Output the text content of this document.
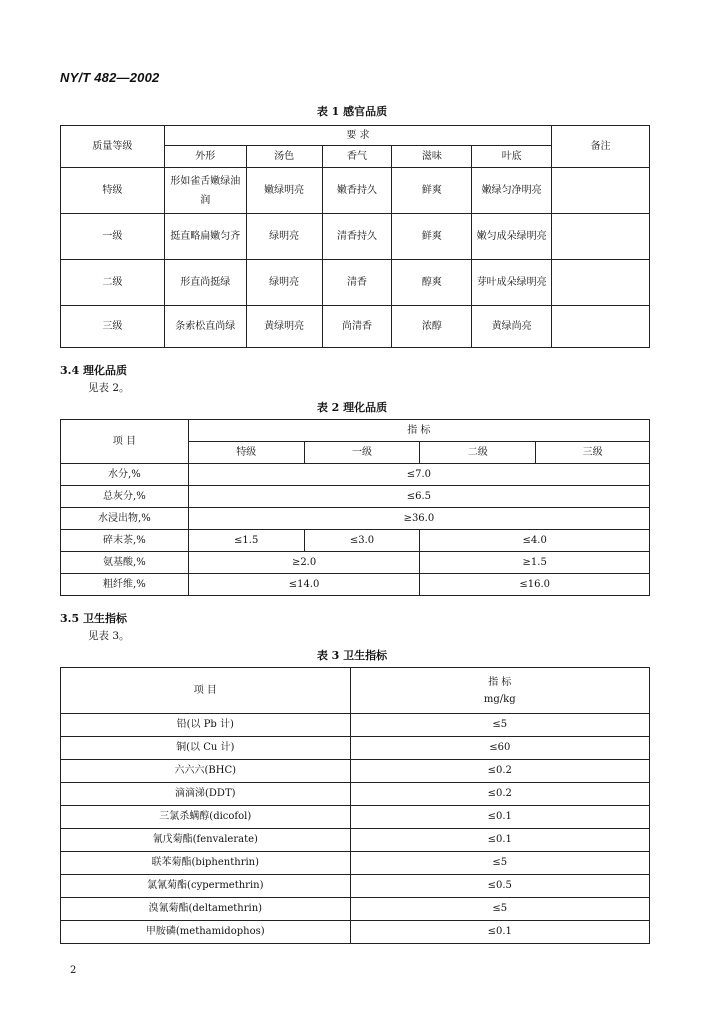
NY/T 482—2002
表 1 感官品质
质量等级	要 求					备注
	外形	汤色	香气	滋味	叶底	
特级	形如雀舌嫩绿油润	嫩绿明亮	嫩香持久	鲜爽	嫩绿匀净明亮	
一级	挺直略扁嫩匀齐	绿明亮	清香持久	鲜爽	嫩匀成朵绿明亮	
二级	形直尚挺绿	绿明亮	清香	醇爽	芽叶成朵绿明亮	
三级	条索松直尚绿	黄绿明亮	尚清香	浓醇	黄绿尚亮	
3.4 理化品质
见表 2。
表 2 理化品质
项 目	指 标			
	特级	一级	二级	三级
水分,%	≤7.0			
总灰分,%	≤6.5			
水浸出物,%	≥36.0			
碎末茶,%	≤1.5	≤3.0	≤4.0	
氨基酸,%	≥2.0		≥1.5	
粗纤维,%	≤14.0		≤16.0	
3.5 卫生指标
见表 3。
表 3 卫生指标
项 目	指 标
mg/kg

铅(以 Pb 计)	≤5
铜(以 Cu 计)	≤60
六六六(BHC)	≤0.2
滴滴涕(DDT)	≤0.2
三氯杀螨醇(dicofol)	≤0.1
氰戊菊酯(fenvalerate)	≤0.1
联苯菊酯(biphenthrin)	≤5
氯氰菊酯(cypermethrin)	≤0.5
溴氰菊酯(deltamethrin)	≤5
甲胺磷(methamidophos)	≤0.1
2
